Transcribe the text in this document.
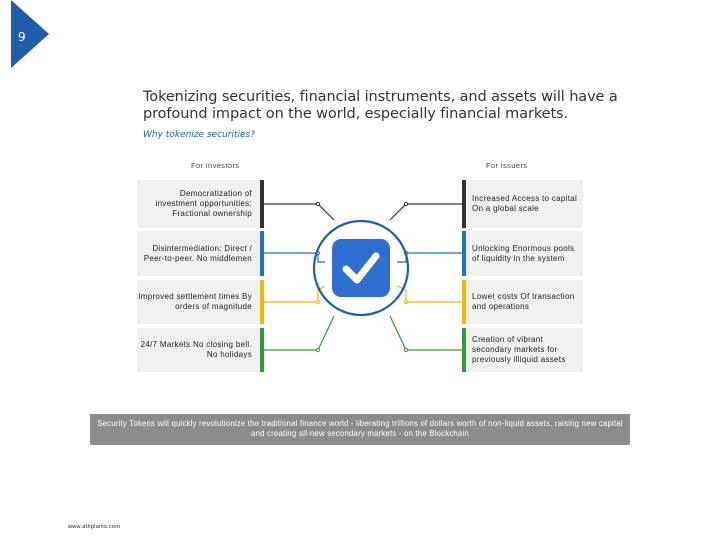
9
Tokenizing securities, financial instruments, and assets will have a profound impact on the world, especially financial markets.
Why tokenize securities?
For investors	For issuers
Democratization of investment opportunities: Fractional ownership
Disintermediation: Direct / Peer-to-peer. No middlemen
Improved settlement times By orders of magnitude
24/7 Markets No closing bell. No holidays
Increased Access to capital On a global scale
Unlocking Enormous pools of liquidity in the system
Lower costs Of transaction and operations
Creation of vibrant secondary markets for previously illiquid assets
Security Tokens will quickly revolutionize the traditional finance world - liberating trillions of dollars worth of non-liquid assets, raising new capital and creating all-new secondary markets - on the Blockchain
www.athplains.com
